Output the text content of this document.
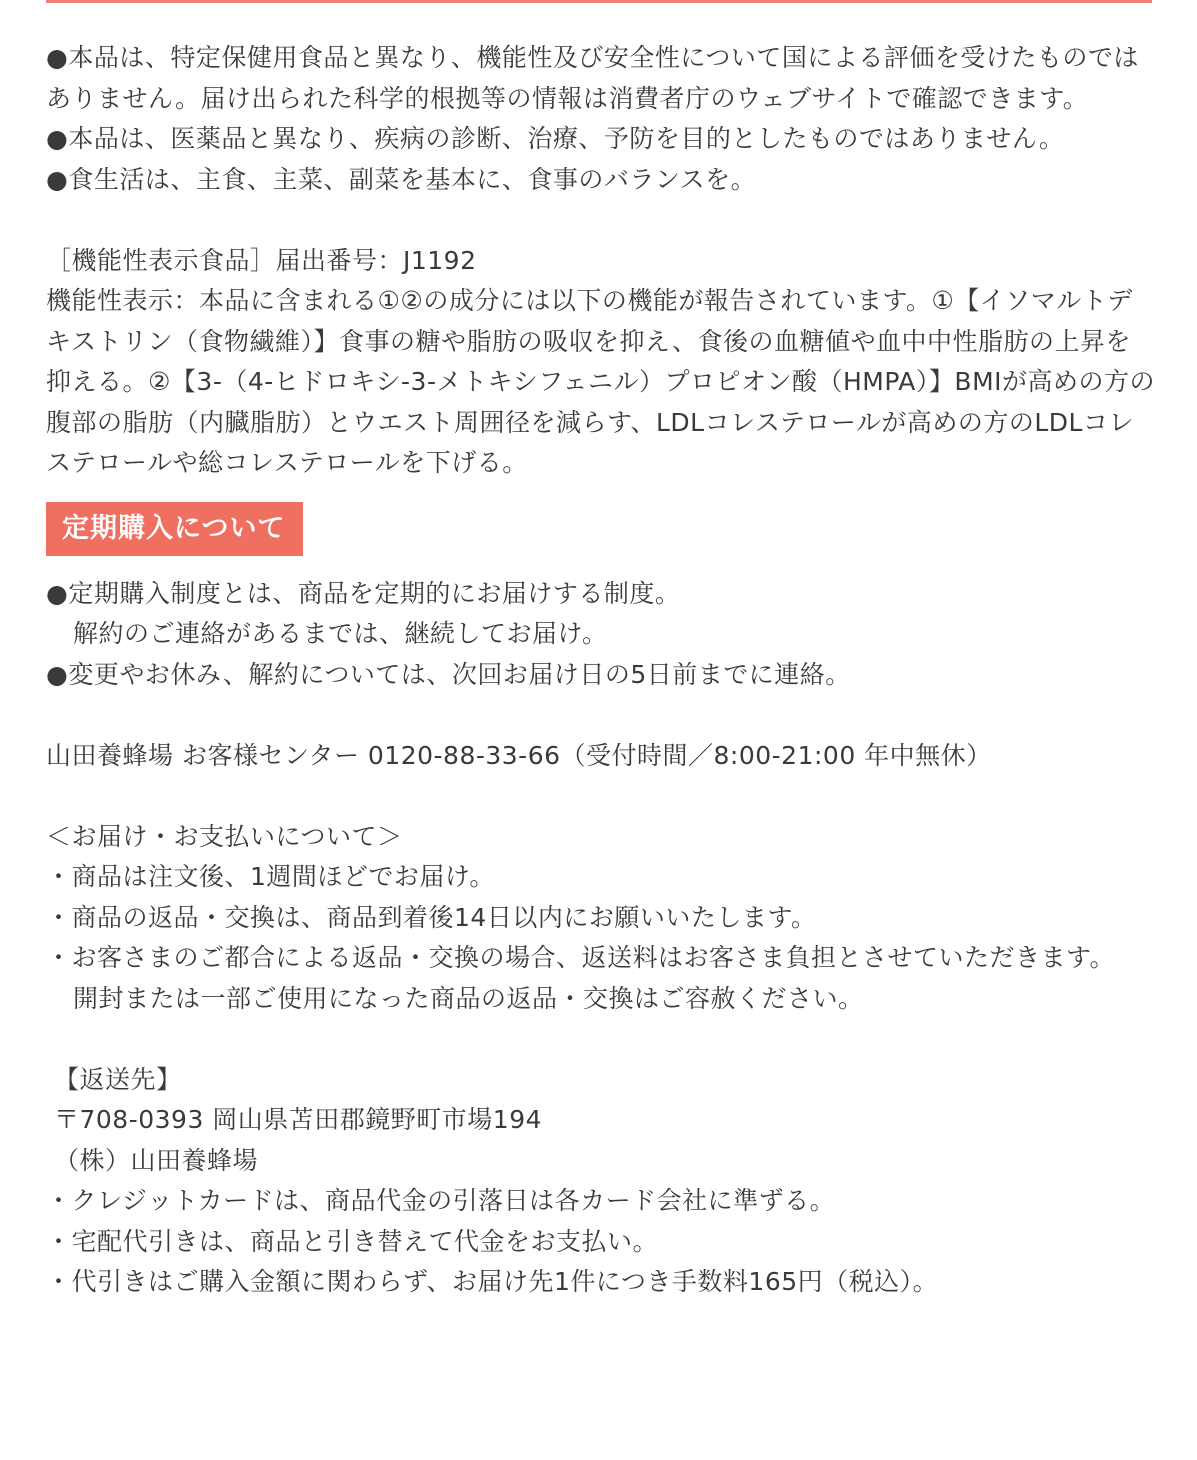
●本品は、特定保健用食品と異なり、機能性及び安全性について国による評価を受けたものではありません。届け出られた科学的根拠等の情報は消費者庁のウェブサイトで確認できます。
●本品は、医薬品と異なり、疾病の診断、治療、予防を目的としたものではありません。
●食生活は、主食、主菜、副菜を基本に、食事のバランスを。
［機能性表示食品］届出番号：J1192
機能性表示：本品に含まれる①②の成分には以下の機能が報告されています。①【イソマルトデキストリン（食物繊維）】食事の糖や脂肪の吸収を抑え、食後の血糖値や血中中性脂肪の上昇を抑える。②【3-（4-ヒドロキシ-3-メトキシフェニル）プロピオン酸（HMPA）】BMIが高めの方の腹部の脂肪（内臓脂肪）とウエスト周囲径を減らす、LDLコレステロールが高めの方のLDLコレステロールや総コレステロールを下げる。
定期購入について
●定期購入制度とは、商品を定期的にお届けする制度。
解約のご連絡があるまでは、継続してお届け。
●変更やお休み、解約については、次回お届け日の5日前までに連絡。
山田養蜂場 お客様センター 0120-88-33-66（受付時間／8:00-21:00 年中無休）
＜お届け・お支払いについて＞
・商品は注文後、1週間ほどでお届け。
・商品の返品・交換は、商品到着後14日以内にお願いいたします。
・お客さまのご都合による返品・交換の場合、返送料はお客さま負担とさせていただきます。
開封または一部ご使用になった商品の返品・交換はご容赦ください。
【返送先】
〒708-0393 岡山県苫田郡鏡野町市場194
（株）山田養蜂場
・クレジットカードは、商品代金の引落日は各カード会社に準ずる。
・宅配代引きは、商品と引き替えて代金をお支払い。
・代引きはご購入金額に関わらず、お届け先1件につき手数料165円（税込）。
